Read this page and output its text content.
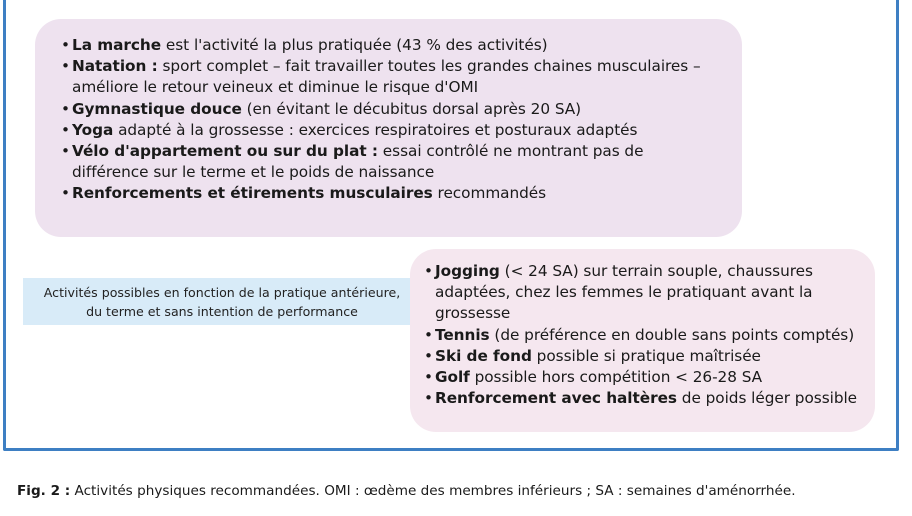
• La marche est l'activité la plus pratiquée (43 % des activités)
• Natation : sport complet – fait travailler toutes les grandes chaines musculaires – améliore le retour veineux et diminue le risque d'OMI
• Gymnastique douce (en évitant le décubitus dorsal après 20 SA)
• Yoga adapté à la grossesse : exercices respiratoires et posturaux adaptés
• Vélo d'appartement ou sur du plat : essai contrôlé ne montrant pas de différence sur le terme et le poids de naissance
• Renforcements et étirements musculaires recommandés
Activités possibles en fonction de la pratique antérieure,
du terme et sans intention de performance
• Jogging (< 24 SA) sur terrain souple, chaussures adaptées, chez les femmes le pratiquant avant la grossesse
• Tennis (de préférence en double sans points comptés)
• Ski de fond possible si pratique maîtrisée
• Golf possible hors compétition < 26-28 SA
• Renforcement avec haltères de poids léger possible
Fig. 2 : Activités physiques recommandées. OMI : œdème des membres inférieurs ; SA : semaines d'aménorrhée.
